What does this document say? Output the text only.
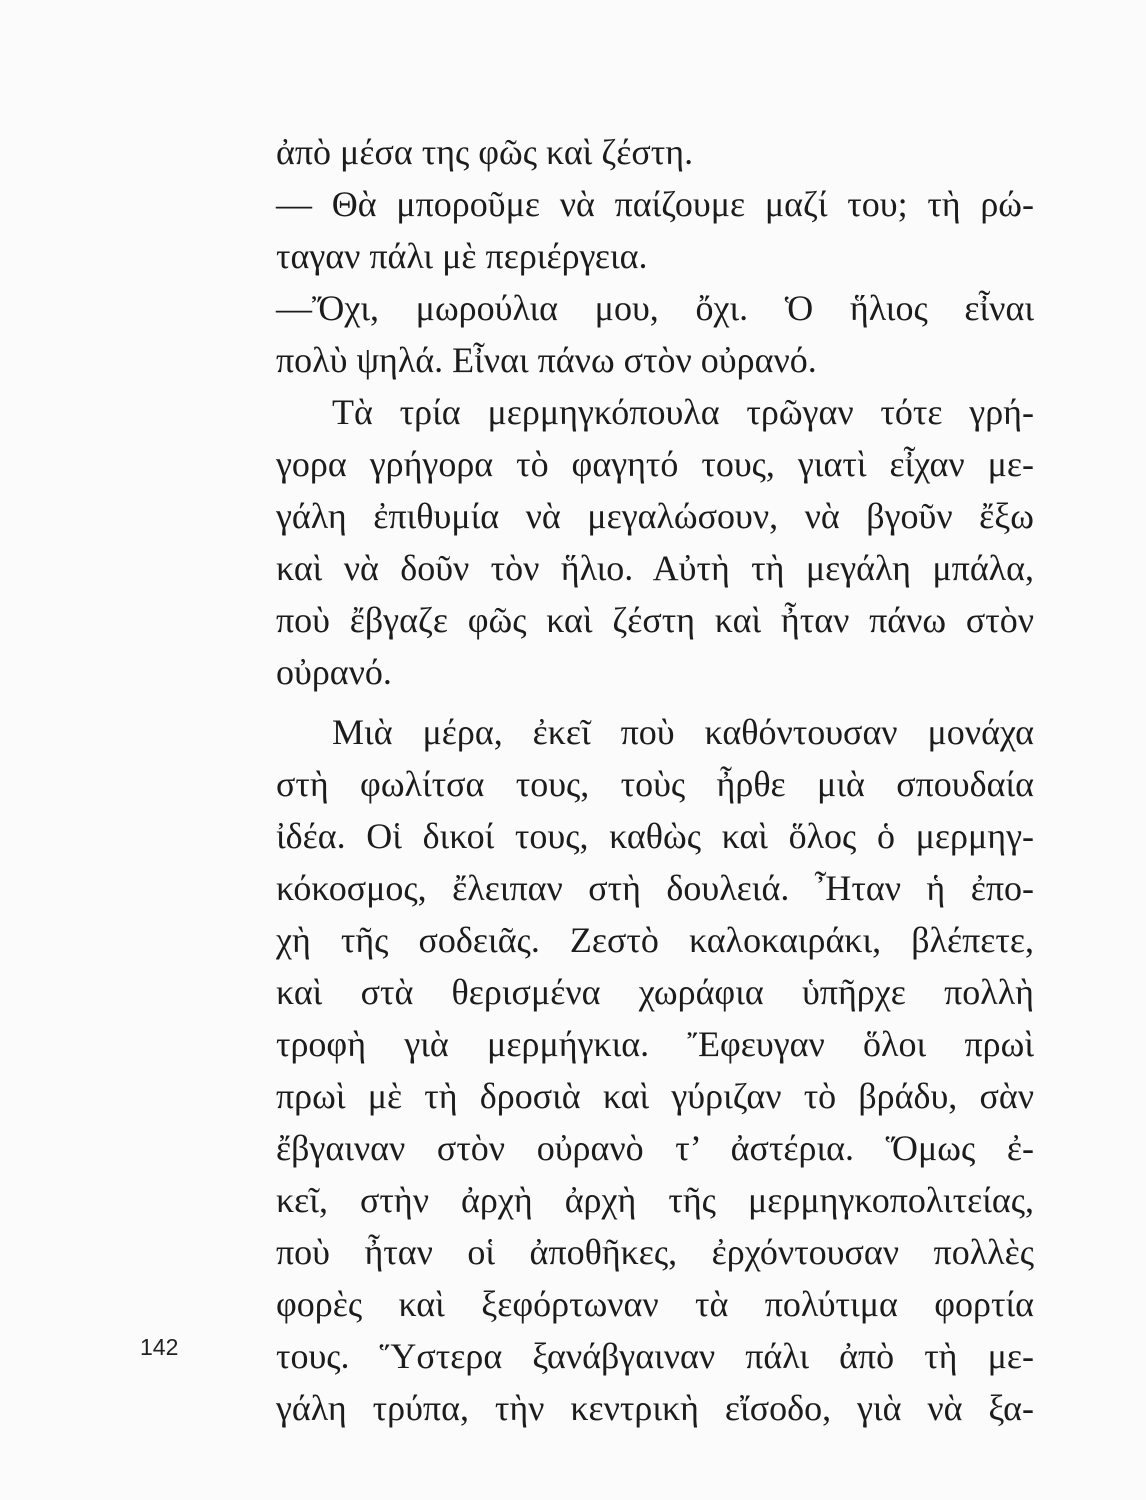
ἀπὸ μέσα της φῶς καὶ ζέστη.
— Θὰ μποροῦμε νὰ παίζουμε μαζί του; τὴ ρώ-
ταγαν πάλι μὲ περιέργεια.
—Ὄχι, μωρούλια μου, ὄχι. Ὁ ἥλιος εἶναι
πολὺ ψηλά. Εἶναι πάνω στὸν οὐρανό.
Τὰ τρία μερμηγκόπουλα τρῶγαν τότε γρή-
γορα γρήγορα τὸ φαγητό τους, γιατὶ εἶχαν με-
γάλη ἐπιθυμία νὰ μεγαλώσουν, νὰ βγοῦν ἔξω
καὶ νὰ δοῦν τὸν ἥλιο. Αὐτὴ τὴ μεγάλη μπάλα,
ποὺ ἔβγαζε φῶς καὶ ζέστη καὶ ἦταν πάνω στὸν
οὐρανό.
Μιὰ μέρα, ἐκεῖ ποὺ καθόντουσαν μονάχα
στὴ φωλίτσα τους, τοὺς ἦρθε μιὰ σπουδαία
ἰδέα. Οἱ δικοί τους, καθὼς καὶ ὅλος ὁ μερμηγ-
κόκοσμος, ἔλειπαν στὴ δουλειά. Ἦταν ἡ ἐπο-
χὴ τῆς σοδειᾶς. Ζεστὸ καλοκαιράκι, βλέπετε,
καὶ στὰ θερισμένα χωράφια ὑπῆρχε πολλὴ
τροφὴ γιὰ μερμήγκια. Ἔφευγαν ὅλοι πρωὶ
πρωὶ μὲ τὴ δροσιὰ καὶ γύριζαν τὸ βράδυ, σὰν
ἔβγαιναν στὸν οὐρανὸ τ’ ἀστέρια. Ὅμως ἐ-
κεῖ, στὴν ἀρχὴ ἀρχὴ τῆς μερμηγκοπολιτείας,
ποὺ ἦταν οἱ ἀποθῆκες, ἐρχόντουσαν πολλὲς
φορὲς καὶ ξεφόρτωναν τὰ πολύτιμα φορτία
τους. Ὕστερα ξανάβγαιναν πάλι ἀπὸ τὴ με-
γάλη τρύπα, τὴν κεντρικὴ εἴσοδο, γιὰ νὰ ξα-
142
